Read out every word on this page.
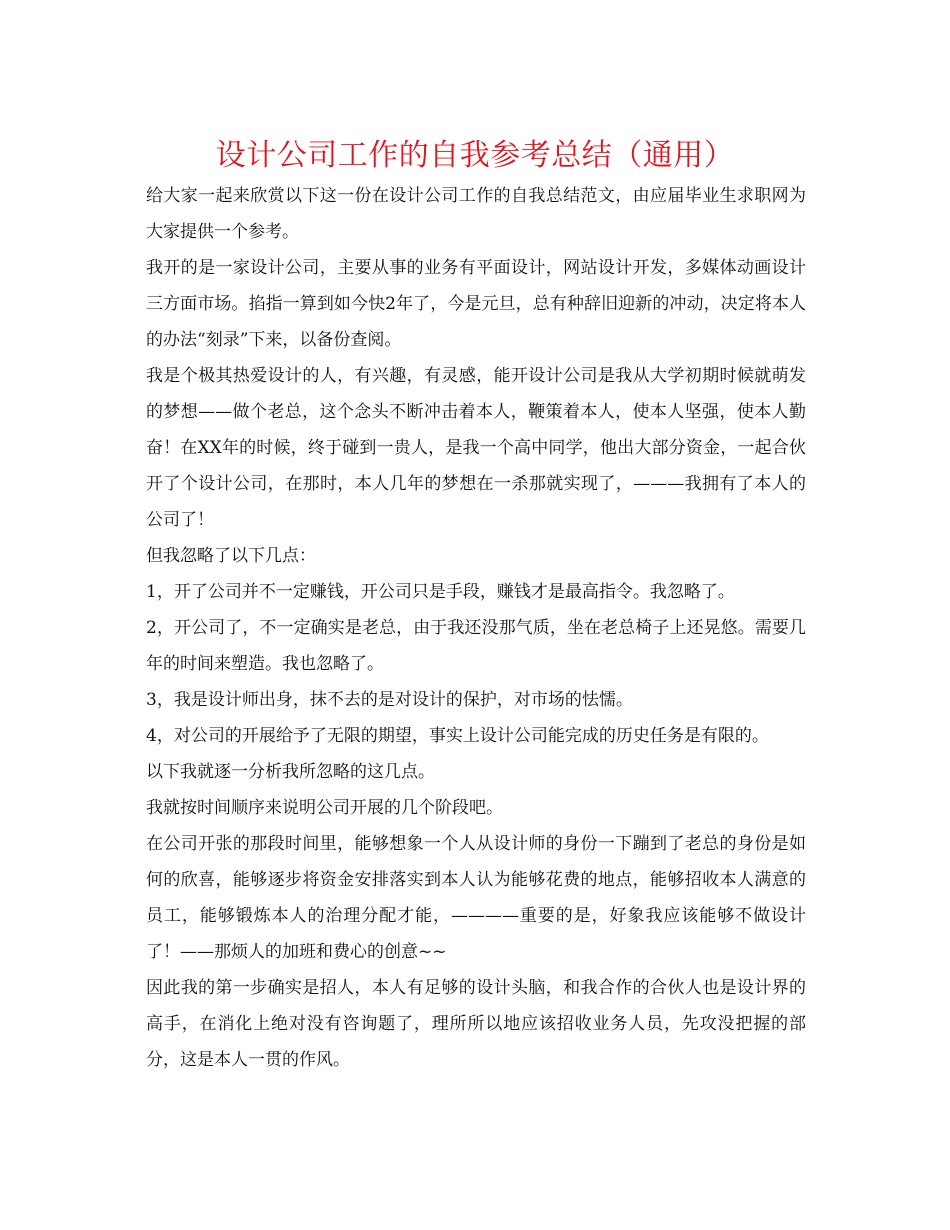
设计公司工作的自我参考总结（通用）

给大家一起来欣赏以下这一份在设计公司工作的自我总结范文，由应届毕业生求职网为大家提供一个参考。

我开的是一家设计公司，主要从事的业务有平面设计，网站设计开发，多媒体动画设计三方面市场。掐指一算到如今快2年了，今是元旦，总有种辞旧迎新的冲动，决定将本人的办法“刻录”下来，以备份查阅。

我是个极其热爱设计的人，有兴趣，有灵感，能开设计公司是我从大学初期时候就萌发的梦想——做个老总，这个念头不断冲击着本人，鞭策着本人，使本人坚强，使本人勤奋！在XX年的时候，终于碰到一贵人，是我一个高中同学，他出大部分资金，一起合伙开了个设计公司，在那时，本人几年的梦想在一杀那就实现了，———我拥有了本人的公司了！

但我忽略了以下几点：

1，开了公司并不一定赚钱，开公司只是手段，赚钱才是最高指令。我忽略了。

2，开公司了，不一定确实是老总，由于我还没那气质，坐在老总椅子上还晃悠。需要几年的时间来塑造。我也忽略了。

3，我是设计师出身，抹不去的是对设计的保护，对市场的怯懦。

4，对公司的开展给予了无限的期望，事实上设计公司能完成的历史任务是有限的。

以下我就逐一分析我所忽略的这几点。

我就按时间顺序来说明公司开展的几个阶段吧。

在公司开张的那段时间里，能够想象一个人从设计师的身份一下蹦到了老总的身份是如何的欣喜，能够逐步将资金安排落实到本人认为能够花费的地点，能够招收本人满意的员工，能够锻炼本人的治理分配才能，————重要的是，好象我应该能够不做设计了！——那烦人的加班和费心的创意~~

因此我的第一步确实是招人，本人有足够的设计头脑，和我合作的合伙人也是设计界的高手，在消化上绝对没有咨询题了，理所所以地应该招收业务人员，先攻没把握的部分，这是本人一贯的作风。
